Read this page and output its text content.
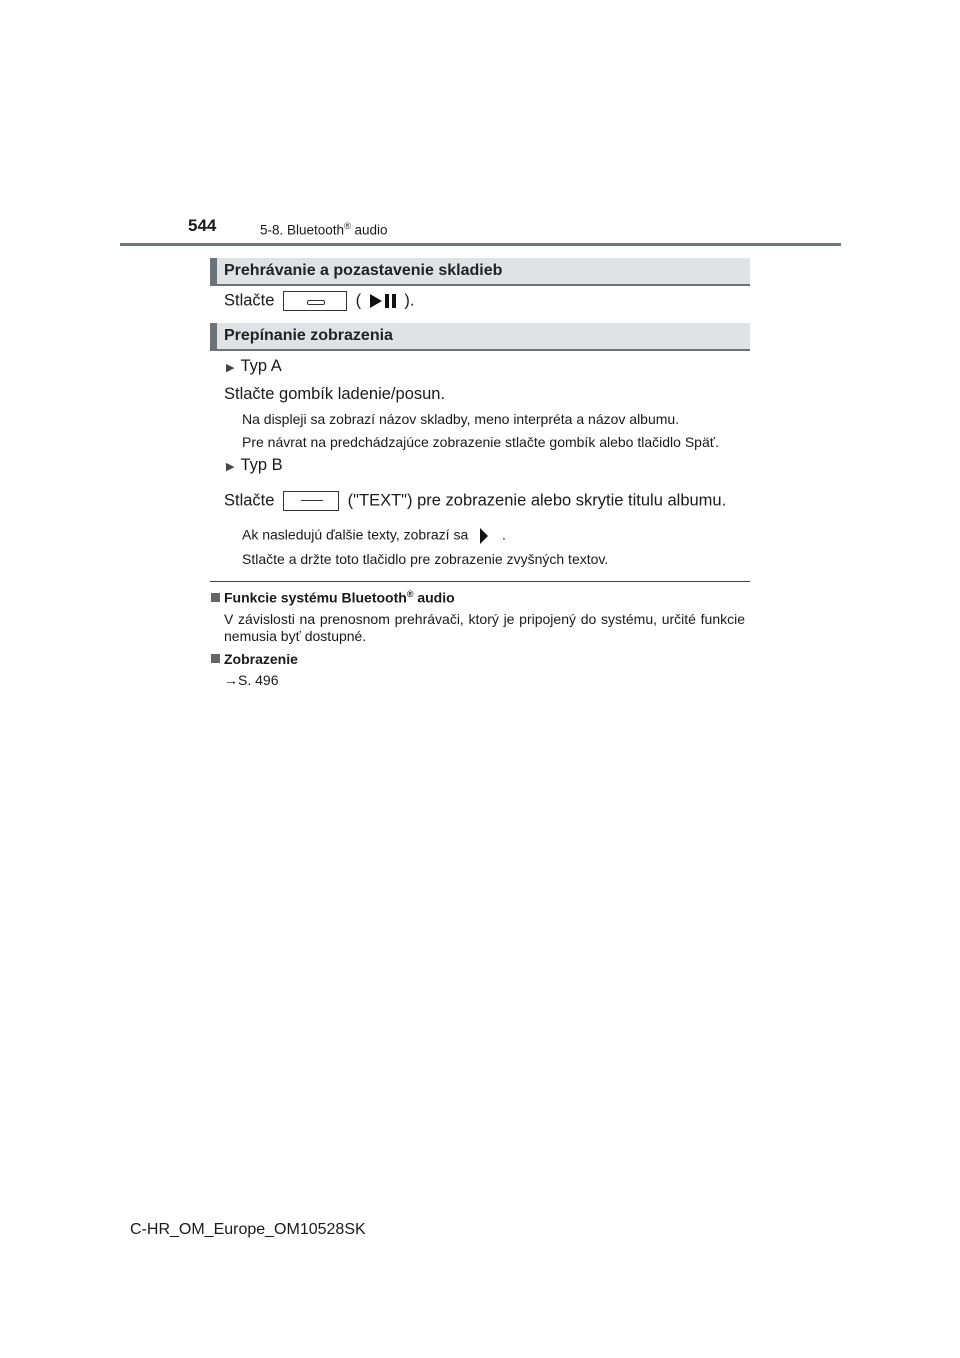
544	5-8. Bluetooth® audio
Prehrávanie a pozastavenie skladieb
Stlačte	(	).
Prepínanie zobrazenia
▶ Typ A
Stlačte gombík ladenie/posun.
Na displeji sa zobrazí názov skladby, meno interpréta a názov albumu.
Pre návrat na predchádzajúce zobrazenie stlačte gombík alebo tlačidlo Späť.
▶ Typ B
Stlačte	("TEXT") pre zobrazenie alebo skrytie titulu albumu.
Ak nasledujú ďalšie texty, zobrazí sa .
Stlačte a držte toto tlačidlo pre zobrazenie zvyšných textov.
Funkcie systému Bluetooth® audio
V závislosti na prenosnom prehrávači, ktorý je pripojený do systému, určité funkcie nemusia byť dostupné.
Zobrazenie
→S. 496
C-HR_OM_Europe_OM10528SK
